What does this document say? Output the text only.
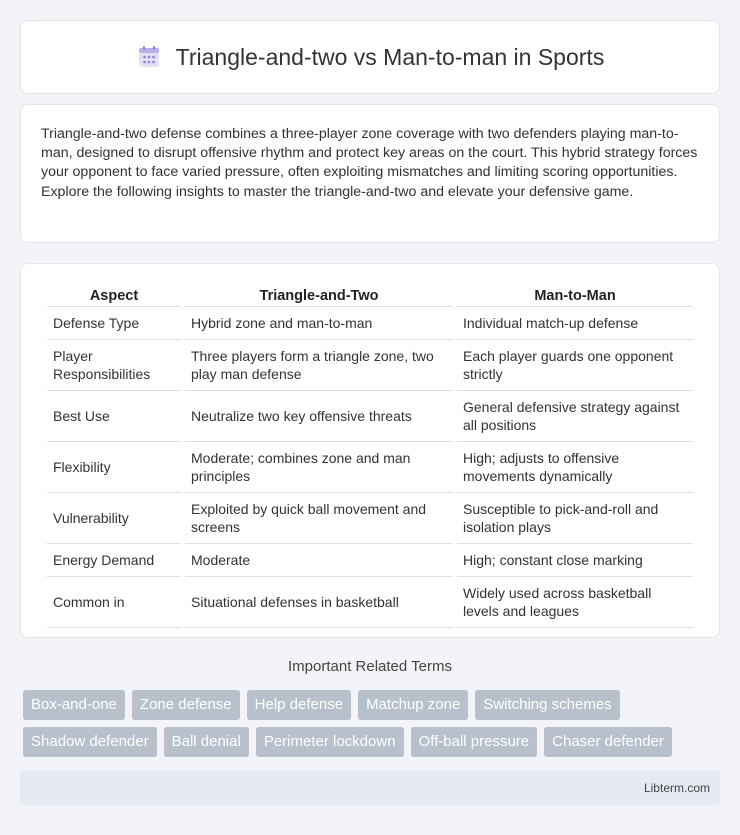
Triangle-and-two vs Man-to-man in Sports

Triangle-and-two defense combines a three-player zone coverage with two defenders playing man-to-man, designed to disrupt offensive rhythm and protect key areas on the court. This hybrid strategy forces your opponent to face varied pressure, often exploiting mismatches and limiting scoring opportunities. Explore the following insights to master the triangle-and-two and elevate your defensive game.

Aspect	Triangle-and-Two	Man-to-Man
Defense Type	Hybrid zone and man-to-man	Individual match-up defense
Player Responsibilities	Three players form a triangle zone, two play man defense	Each player guards one opponent strictly
Best Use	Neutralize two key offensive threats	General defensive strategy against all positions
Flexibility	Moderate; combines zone and man principles	High; adjusts to offensive movements dynamically
Vulnerability	Exploited by quick ball movement and screens	Susceptible to pick-and-roll and isolation plays
Energy Demand	Moderate	High; constant close marking
Common in	Situational defenses in basketball	Widely used across basketball levels and leagues
Important Related Terms
Box-and-one	Zone defense	Help defense	Matchup zone	Switching schemes
Shadow defender	Ball denial	Perimeter lockdown	Off-ball pressure	Chaser defender
Libterm.com
